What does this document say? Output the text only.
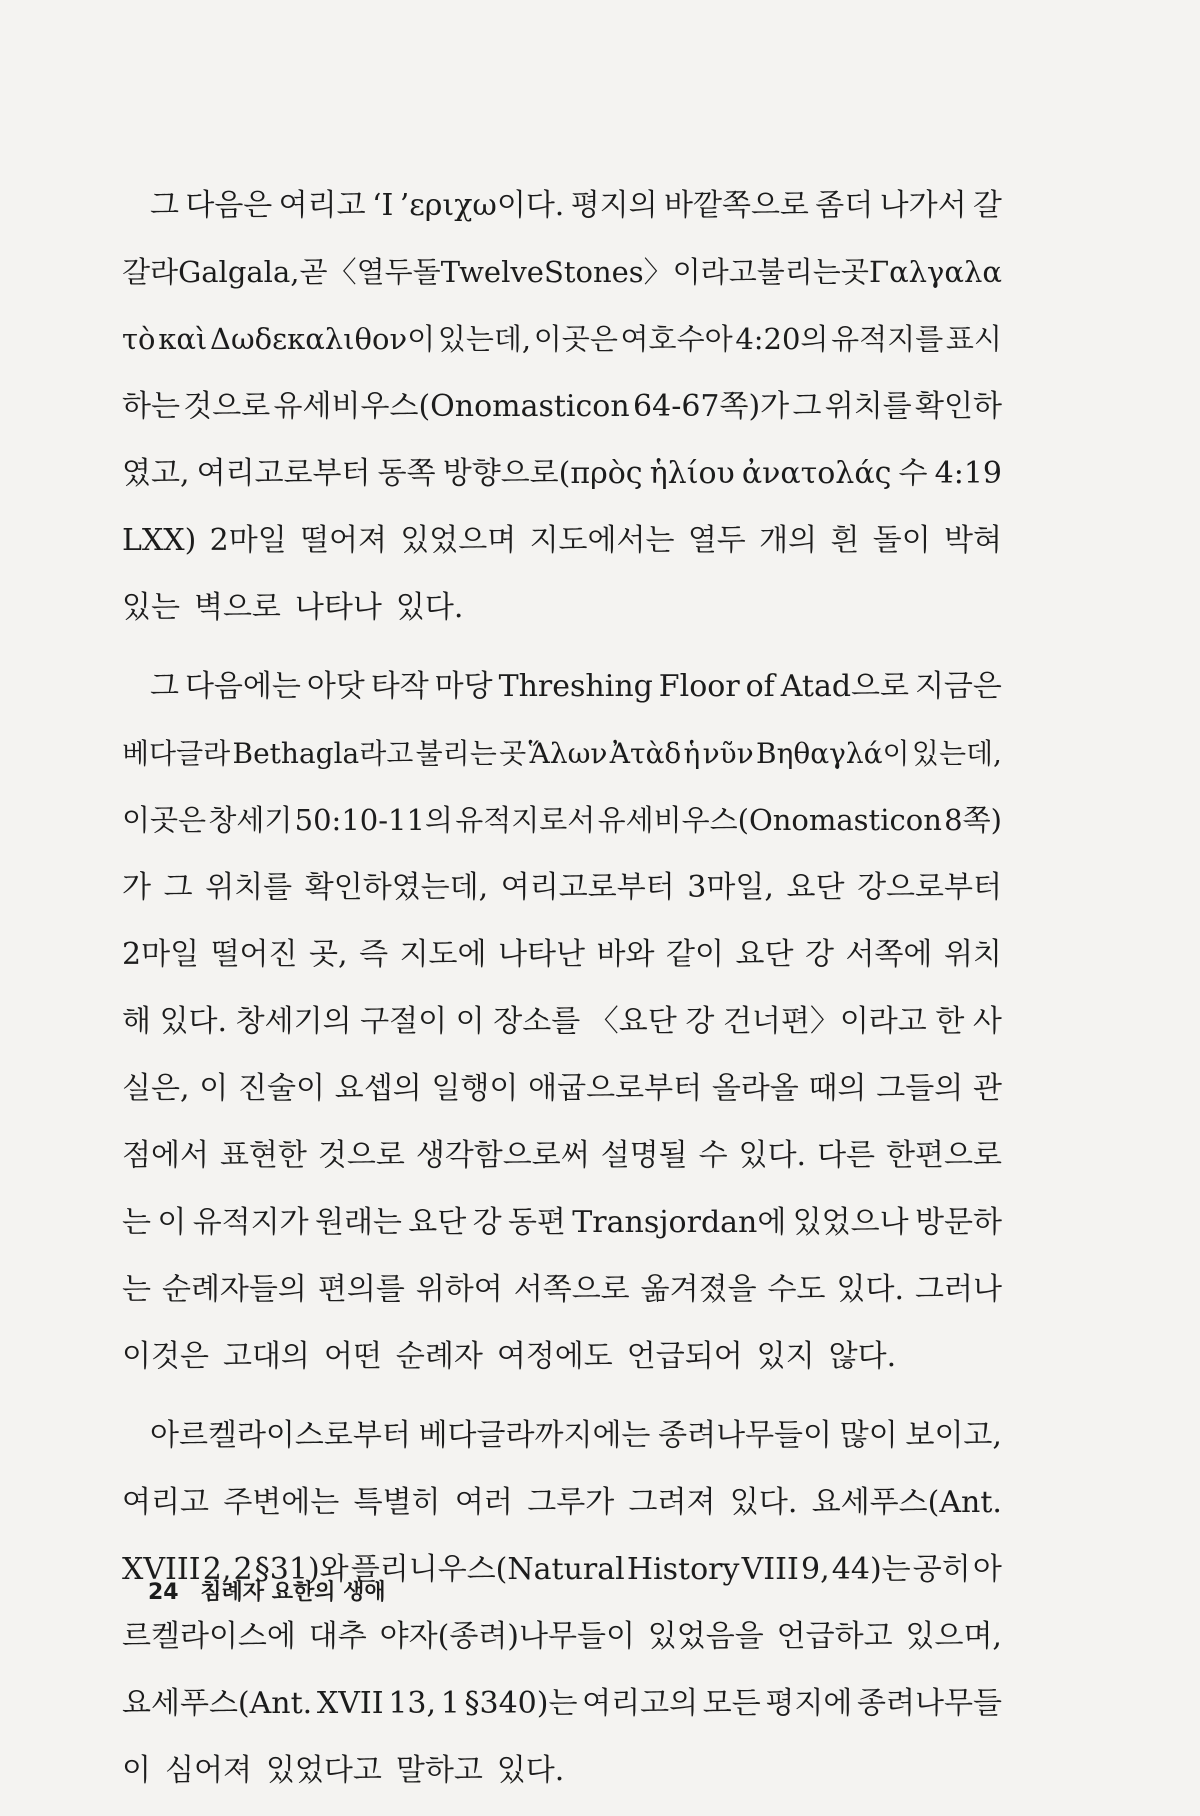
그 다음은 여리고 ‘I ’εριχω이다. 평지의 바깥쪽으로 좀더 나가서 갈
갈라 Galgala, 곧 〈열두 돌 Twelve Stones〉이라고 불리는 곳 Γαλγαλα
τὸ καὶ Δωδεκαλιθον이 있는데, 이곳은 여호수아 4:20의 유적지를 표시
하는 것으로 유세비우스(Onomasticon 64-67쪽)가 그 위치를 확인하
였고, 여리고로부터 동쪽 방향으로(πρὸς ἡλίου ἀνατολάς 수 4:19
LXX) 2마일 떨어져 있었으며 지도에서는 열두 개의 흰 돌이 박혀
있는 벽으로 나타나 있다.
그 다음에는 아닷 타작 마당 Threshing Floor of Atad으로 지금은
베다글라 Bethagla라고 불리는 곳 Ἅλων Ἀτὰδ ἡ νῦν Βηθαγλά이 있는데,
이곳은 창세기 50:10-11의 유적지로서 유세비우스(Onomasticon 8쪽)
가 그 위치를 확인하였는데, 여리고로부터 3마일, 요단 강으로부터
2마일 떨어진 곳, 즉 지도에 나타난 바와 같이 요단 강 서쪽에 위치
해 있다. 창세기의 구절이 이 장소를 〈요단 강 건너편〉이라고 한 사
실은, 이 진술이 요셉의 일행이 애굽으로부터 올라올 때의 그들의 관
점에서 표현한 것으로 생각함으로써 설명될 수 있다. 다른 한편으로
는 이 유적지가 원래는 요단 강 동편 Transjordan에 있었으나 방문하
는 순례자들의 편의를 위하여 서쪽으로 옮겨졌을 수도 있다. 그러나
이것은 고대의 어떤 순례자 여정에도 언급되어 있지 않다.
아르켈라이스로부터 베다글라까지에는 종려나무들이 많이 보이고,
여리고 주변에는 특별히 여러 그루가 그려져 있다. 요세푸스(Ant.
XVIII 2, 2 §31)와 플리니우스(Natural History VIII 9, 44)는 공히 아
르켈라이스에 대추 야자(종려)나무들이 있었음을 언급하고 있으며,
요세푸스(Ant. XVII 13, 1 §340)는 여리고의 모든 평지에 종려나무들
이 심어져 있었다고 말하고 있다.
24 침례자 요한의 생애
